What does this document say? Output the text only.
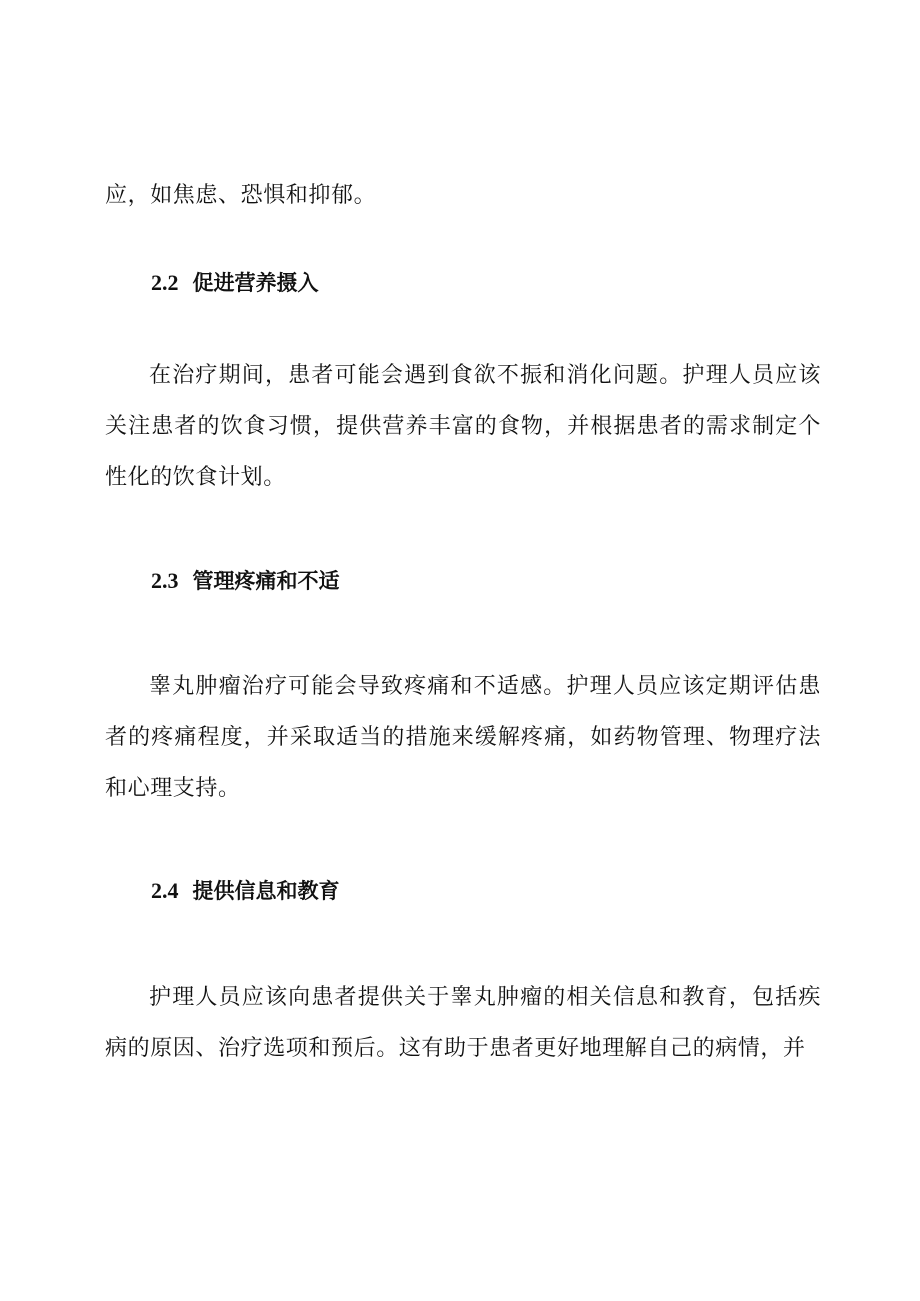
应，如焦虑、恐惧和抑郁。

2.2 促进营养摄入

在治疗期间，患者可能会遇到食欲不振和消化问题。护理人员应该关注患者的饮食习惯，提供营养丰富的食物，并根据患者的需求制定个性化的饮食计划。

2.3 管理疼痛和不适

睾丸肿瘤治疗可能会导致疼痛和不适感。护理人员应该定期评估患者的疼痛程度，并采取适当的措施来缓解疼痛，如药物管理、物理疗法和心理支持。

2.4 提供信息和教育

护理人员应该向患者提供关于睾丸肿瘤的相关信息和教育，包括疾病的原因、治疗选项和预后。这有助于患者更好地理解自己的病情，并
